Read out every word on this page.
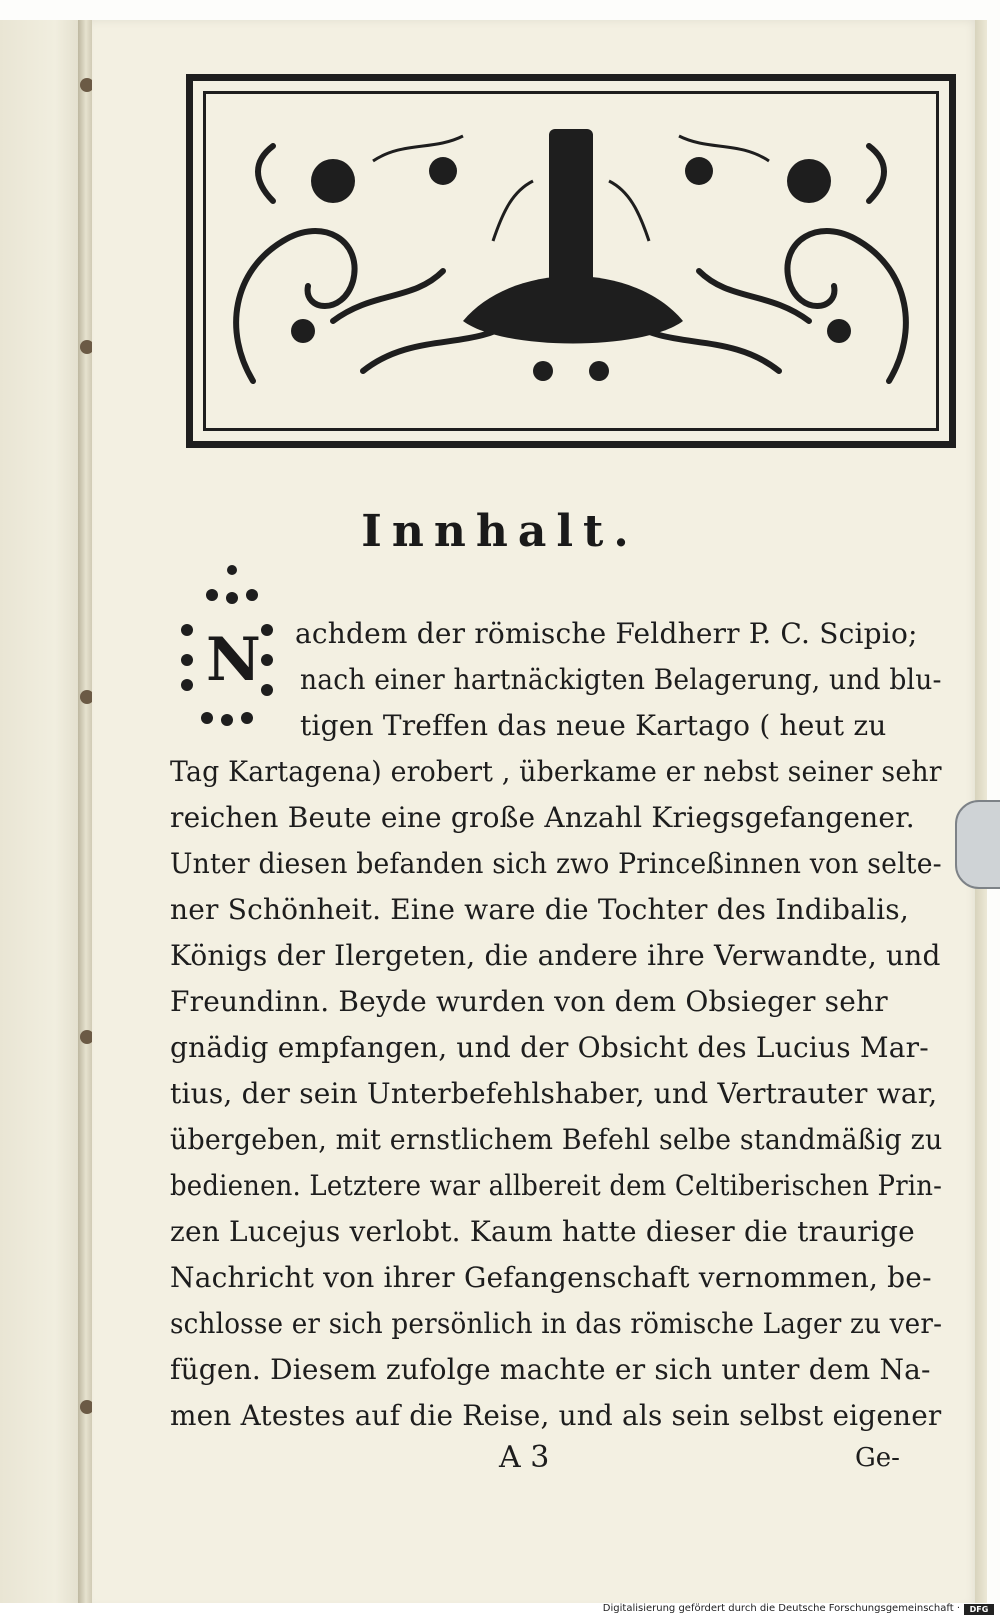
Innhalt.
N achdem der römische Feldherr P. C. Scipio;
nach einer hartnäckigten Belagerung, und blu-
tigen Treffen das neue Kartago ( heut zu
Tag Kartagena) erobert , überkame er nebst seiner sehr
reichen Beute eine große Anzahl Kriegsgefangener.
Unter diesen befanden sich zwo Princeßinnen von selte-
ner Schönheit. Eine ware die Tochter des Indibalis,
Königs der Ilergeten, die andere ihre Verwandte, und
Freundinn. Beyde wurden von dem Obsieger sehr
gnädig empfangen, und der Obsicht des Lucius Mar-
tius, der sein Unterbefehlshaber, und Vertrauter war,
übergeben, mit ernstlichem Befehl selbe standmäßig zu
bedienen. Letztere war allbereit dem Celtiberischen Prin-
zen Lucejus verlobt. Kaum hatte dieser die traurige
Nachricht von ihrer Gefangenschaft vernommen, be-
schlosse er sich persönlich in das römische Lager zu ver-
fügen. Diesem zufolge machte er sich unter dem Na-
men Atestes auf die Reise, und als sein selbst eigener
A 3	Ge-
Digitalisierung gefördert durch die Deutsche Forschungsgemeinschaft ·	DFG
